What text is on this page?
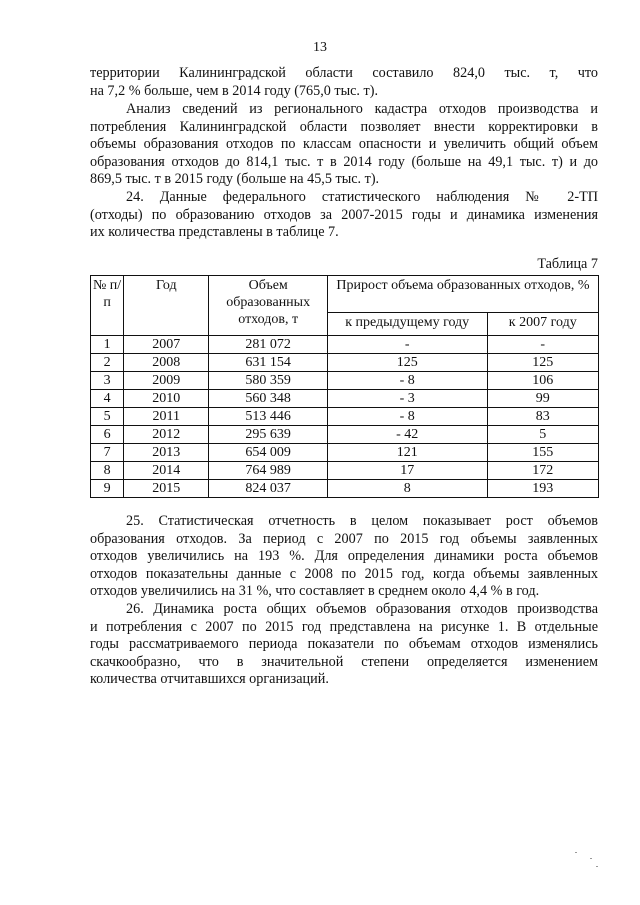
13
территории Калининградской области составило 824,0 тыс. т, что
на 7,2 % больше, чем в 2014 году (765,0 тыс. т).
Анализ сведений из регионального кадастра отходов производства и
потребления Калининградской области позволяет внести корректировки в
объемы образования отходов по классам опасности и увеличить общий объем
образования отходов до 814,1 тыс. т в 2014 году (больше на 49,1 тыс. т) и до
869,5 тыс. т в 2015 году (больше на 45,5 тыс. т).
24. Данные федерального статистического наблюдения № 2-ТП
(отходы) по образованию отходов за 2007-2015 годы и динамика изменения
их количества представлены в таблице 7.
Таблица 7
№ п/п	Год	Объем образованных отходов, т	Прирост объема образованных отходов, %	
			к предыдущему году	к 2007 году
1	2007	281 072	-	-
2	2008	631 154	125	125
3	2009	580 359	- 8	106
4	2010	560 348	- 3	99
5	2011	513 446	- 8	83
6	2012	295 639	- 42	5
7	2013	654 009	121	155
8	2014	764 989	17	172
9	2015	824 037	8	193
25. Статистическая отчетность в целом показывает рост объемов
образования отходов. За период с 2007 по 2015 год объемы заявленных
отходов увеличились на 193 %. Для определения динамики роста объемов
отходов показательны данные с 2008 по 2015 год, когда объемы заявленных
отходов увеличились на 31 %, что составляет в среднем около 4,4 % в год.
26. Динамика роста общих объемов образования отходов производства
и потребления с 2007 по 2015 год представлена на рисунке 1. В отдельные
годы рассматриваемого периода показатели по объемам отходов изменялись
скачкообразно, что в значительной степени определяется изменением
количества отчитавшихся организаций.
